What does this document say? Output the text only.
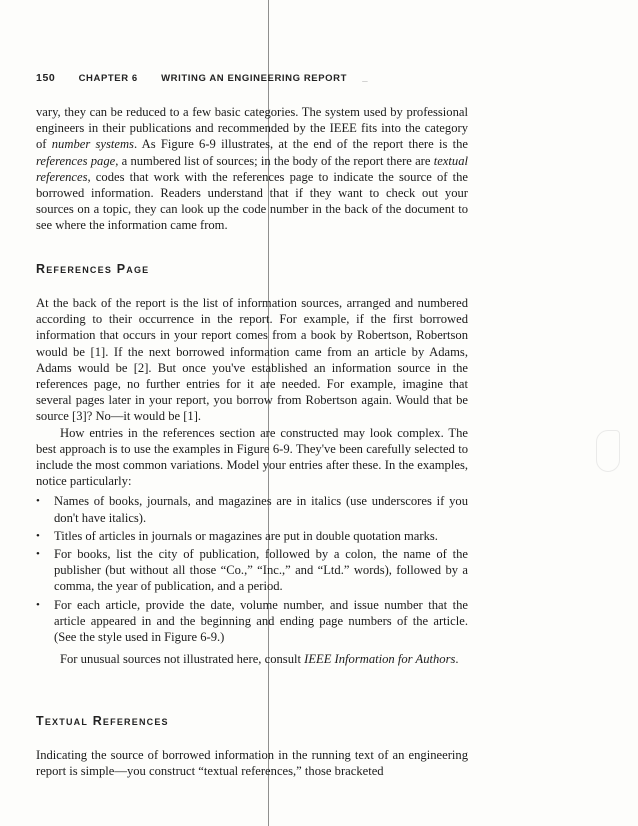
150 CHAPTER 6 WRITING AN ENGINEERING REPORT _

vary, they can be reduced to a few basic categories. The system used by professional engineers in their publications and recommended by the IEEE fits into the category of number systems. As Figure 6-9 illustrates, at the end of the report there is the references page, a numbered list of sources; in the body of the report there are textual references, codes that work with the references page to indicate the source of the borrowed information. Readers understand that if they want to check out your sources on a topic, they can look up the code number in the back of the document to see where the information came from.

References Page

At the back of the report is the list of information sources, arranged and numbered according to their occurrence in the report. For example, if the first borrowed information that occurs in your report comes from a book by Robertson, Robertson would be [1]. If the next borrowed information came from an article by Adams, Adams would be [2]. But once you've established an information source in the references page, no further entries for it are needed. For example, imagine that several pages later in your report, you borrow from Robertson again. Would that be source [3]? No—it would be [1].

How entries in the references section are constructed may look complex. The best approach is to use the examples in Figure 6-9. They've been carefully selected to include the most common variations. Model your entries after these. In the examples, notice particularly:

• Names of books, journals, and magazines are in italics (use underscores if you don't have italics).
• Titles of articles in journals or magazines are put in double quotation marks.
• For books, list the city of publication, followed by a colon, the name of the publisher (but without all those “Co.,” “Inc.,” and “Ltd.” words), followed by a comma, the year of publication, and a period.
• For each article, provide the date, volume number, and issue number that the article appeared in and the beginning and ending page numbers of the article. (See the style used in Figure 6-9.)

For unusual sources not illustrated here, consult IEEE Information for Authors.

Textual References

Indicating the source of borrowed information in the running text of an engineering report is simple—you construct “textual references,” those bracketed
